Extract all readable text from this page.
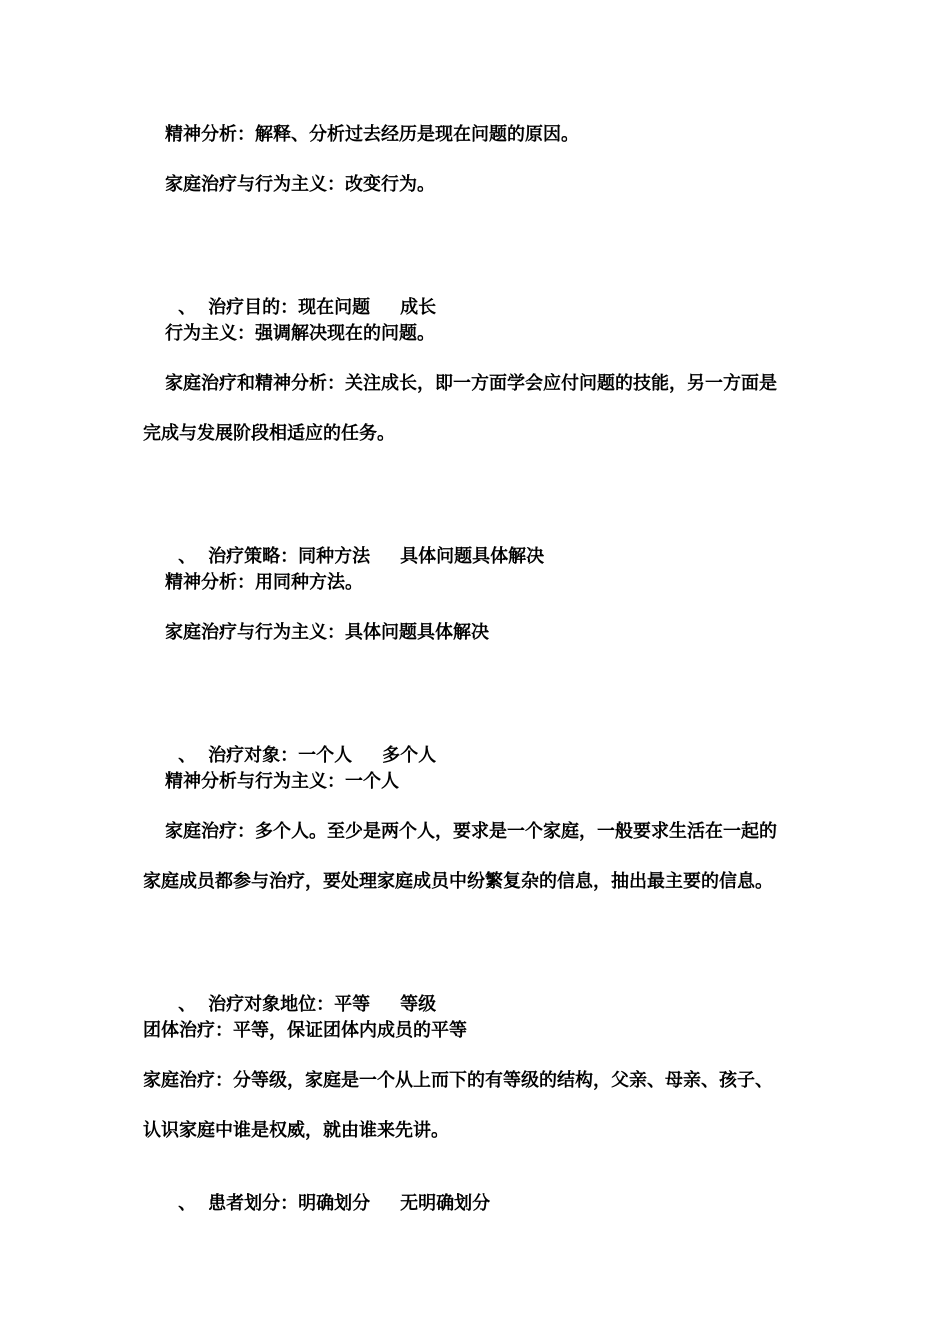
精神分析：解释、分析过去经历是现在问题的原因。
家庭治疗与行为主义：改变行为。

、 治疗目的：现在问题 成长

行为主义：强调解决现在的问题。
家庭治疗和精神分析：关注成长，即一方面学会应付问题的技能，另一方面是
完成与发展阶段相适应的任务。

、 治疗策略：同种方法 具体问题具体解决

精神分析：用同种方法。
家庭治疗与行为主义：具体问题具体解决

、 治疗对象：一个人 多个人

精神分析与行为主义：一个人
家庭治疗：多个人。至少是两个人，要求是一个家庭，一般要求生活在一起的
家庭成员都参与治疗，要处理家庭成员中纷繁复杂的信息，抽出最主要的信息。

、 治疗对象地位：平等 等级

团体治疗：平等，保证团体内成员的平等
家庭治疗：分等级，家庭是一个从上而下的有等级的结构，父亲、母亲、孩子、
认识家庭中谁是权威，就由谁来先讲。

、 患者划分：明确划分 无明确划分
